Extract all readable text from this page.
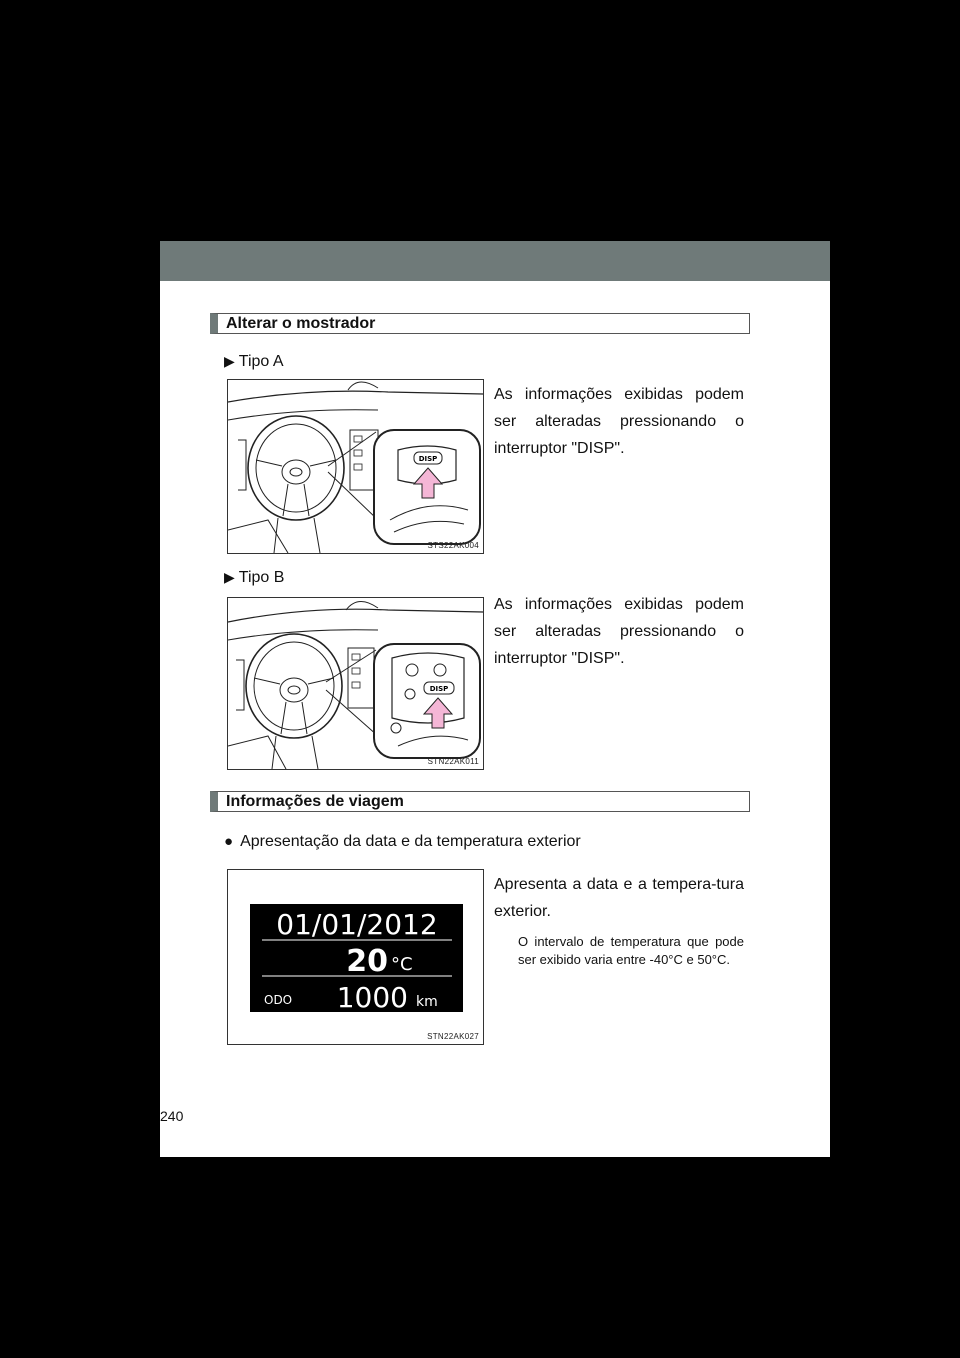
Alterar o mostrador
▶ Tipo A
As informações exibidas podem ser alteradas pressionando o interruptor "DISP".
DISP
STS22AK004
▶ Tipo B
As informações exibidas podem ser alteradas pressionando o interruptor "DISP".
DISP
STN22AK011
Informações de viagem
● Apresentação da data e da temperatura exterior
Apresenta a data e a tempera-tura exterior.
O intervalo de temperatura que pode ser exibido varia entre -40°C e 50°C.
01/01/2012
20 °C
ODO 1000 km
STN22AK027
240
